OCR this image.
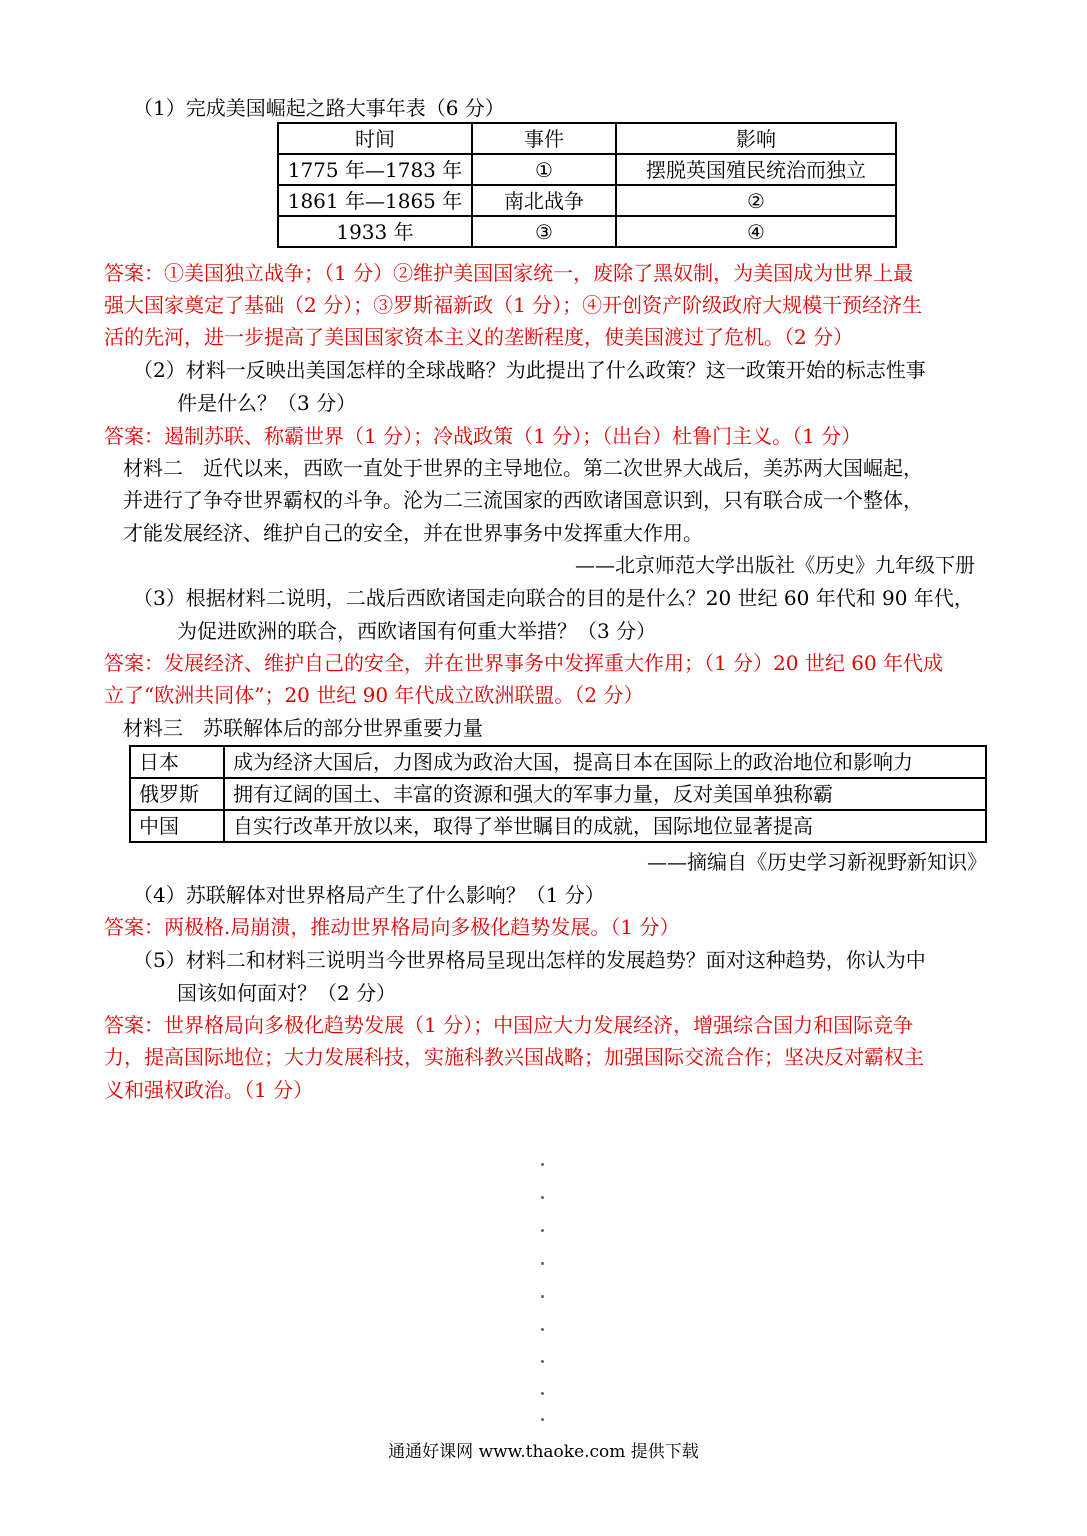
（1）完成美国崛起之路大事年表（6 分）
时间	事件	影响
1775 年—1783 年	①	摆脱英国殖民统治而独立
1861 年—1865 年	南北战争	②
1933 年	③	④
答案：①美国独立战争；（1 分）②维护美国国家统一，废除了黑奴制，为美国成为世界上最
强大国家奠定了基础（2 分）；③罗斯福新政（1 分）；④开创资产阶级政府大规模干预经济生
活的先河，进一步提高了美国国家资本主义的垄断程度，使美国渡过了危机。（2 分）
（2）材料一反映出美国怎样的全球战略？为此提出了什么政策？这一政策开始的标志性事
件是什么？（3 分）
答案：遏制苏联、称霸世界（1 分）；冷战政策（1 分）；（出台）杜鲁门主义。（1 分）
材料二　近代以来，西欧一直处于世界的主导地位。第二次世界大战后，美苏两大国崛起，
并进行了争夺世界霸权的斗争。沦为二三流国家的西欧诸国意识到，只有联合成一个整体，
才能发展经济、维护自己的安全，并在世界事务中发挥重大作用。
——北京师范大学出版社《历史》九年级下册
（3）根据材料二说明，二战后西欧诸国走向联合的目的是什么？20 世纪 60 年代和 90 年代，
为促进欧洲的联合，西欧诸国有何重大举措？（3 分）
答案：发展经济、维护自己的安全，并在世界事务中发挥重大作用；（1 分）20 世纪 60 年代成
立了“欧洲共同体”；20 世纪 90 年代成立欧洲联盟。（2 分）
材料三　苏联解体后的部分世界重要力量
日本	成为经济大国后，力图成为政治大国，提高日本在国际上的政治地位和影响力
俄罗斯	拥有辽阔的国土、丰富的资源和强大的军事力量，反对美国单独称霸
中国	自实行改革开放以来，取得了举世瞩目的成就，国际地位显著提高
——摘编自《历史学习新视野新知识》
（4）苏联解体对世界格局产生了什么影响？（1 分）
答案：两极格.局崩溃，推动世界格局向多极化趋势发展。（1 分）
（5）材料二和材料三说明当今世界格局呈现出怎样的发展趋势？面对这种趋势，你认为中
国该如何面对？（2 分）
答案：世界格局向多极化趋势发展（1 分）；中国应大力发展经济，增强综合国力和国际竞争
力，提高国际地位；大力发展科技，实施科教兴国战略；加强国际交流合作；坚决反对霸权主
义和强权政治。（1 分）
通通好课网 www.thaoke.com 提供下载
